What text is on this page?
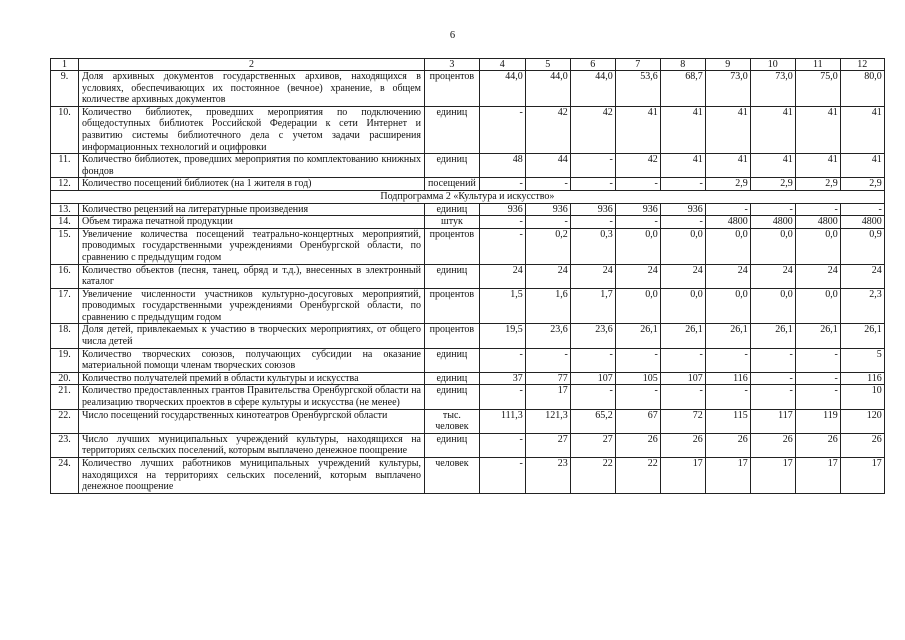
6
1	2	3	4	5	6	7	8	9	10	11	12
9.	Доля архивных документов государственных архивов, находящихся в условиях, обеспечивающих их постоянное (вечное) хранение, в общем количестве архивных документов	процентов	44,0	44,0	44,0	53,6	68,7	73,0	73,0	75,0	80,0
10.	Количество библиотек, проведших мероприятия по подключению общедоступных библиотек Российской Федерации к сети Интернет и развитию системы библиотечного дела с учетом задачи расширения информационных технологий и оцифровки	единиц	-	42	42	41	41	41	41	41	41
11.	Количество библиотек, проведших мероприятия по комплектованию книжных фондов	единиц	48	44	-	42	41	41	41	41	41
12.	Количество посещений библиотек (на 1 жителя в год)	посещений	-	-	-	-	-	2,9	2,9	2,9	2,9
Подпрограмма 2 «Культура и искусство»											
13.	Количество рецензий на литературные произведения	единиц	936	936	936	936	936	-	-	-	-
14.	Объем тиража печатной продукции	штук	-	-	-	-	-	4800	4800	4800	4800
15.	Увеличение количества посещений театрально-концертных мероприятий, проводимых государственными учреждениями Оренбургской области, по сравнению с предыдущим годом	процентов	-	0,2	0,3	0,0	0,0	0,0	0,0	0,0	0,9
16.	Количество объектов (песня, танец, обряд и т.д.), внесенных в электронный каталог	единиц	24	24	24	24	24	24	24	24	24
17.	Увеличение численности участников культурно-досуговых мероприятий, проводимых государственными учреждениями Оренбургской области, по сравнению с предыдущим годом	процентов	1,5	1,6	1,7	0,0	0,0	0,0	0,0	0,0	2,3
18.	Доля детей, привлекаемых к участию в творческих мероприятиях, от общего числа детей	процентов	19,5	23,6	23,6	26,1	26,1	26,1	26,1	26,1	26,1
19.	Количество творческих союзов, получающих субсидии на оказание материальной помощи членам творческих союзов	единиц	-	-	-	-	-	-	-	-	5
20.	Количество получателей премий в области культуры и искусства	единиц	37	77	107	105	107	116	-	-	116
21.	Количество предоставленных грантов Правительства Оренбургской области на реализацию творческих проектов в сфере культуры и искусства (не менее)	единиц	-	17	-	-	-	-	-	-	10
22.	Число посещений государственных кинотеатров Оренбургской области	тыс. человек	111,3	121,3	65,2	67	72	115	117	119	120
23.	Число лучших муниципальных учреждений культуры, находящихся на территориях сельских поселений, которым выплачено денежное поощрение	единиц	-	27	27	26	26	26	26	26	26
24.	Количество лучших работников муниципальных учреждений культуры, находящихся на территориях сельских поселений, которым выплачено денежное поощрение	человек	-	23	22	22	17	17	17	17	17
